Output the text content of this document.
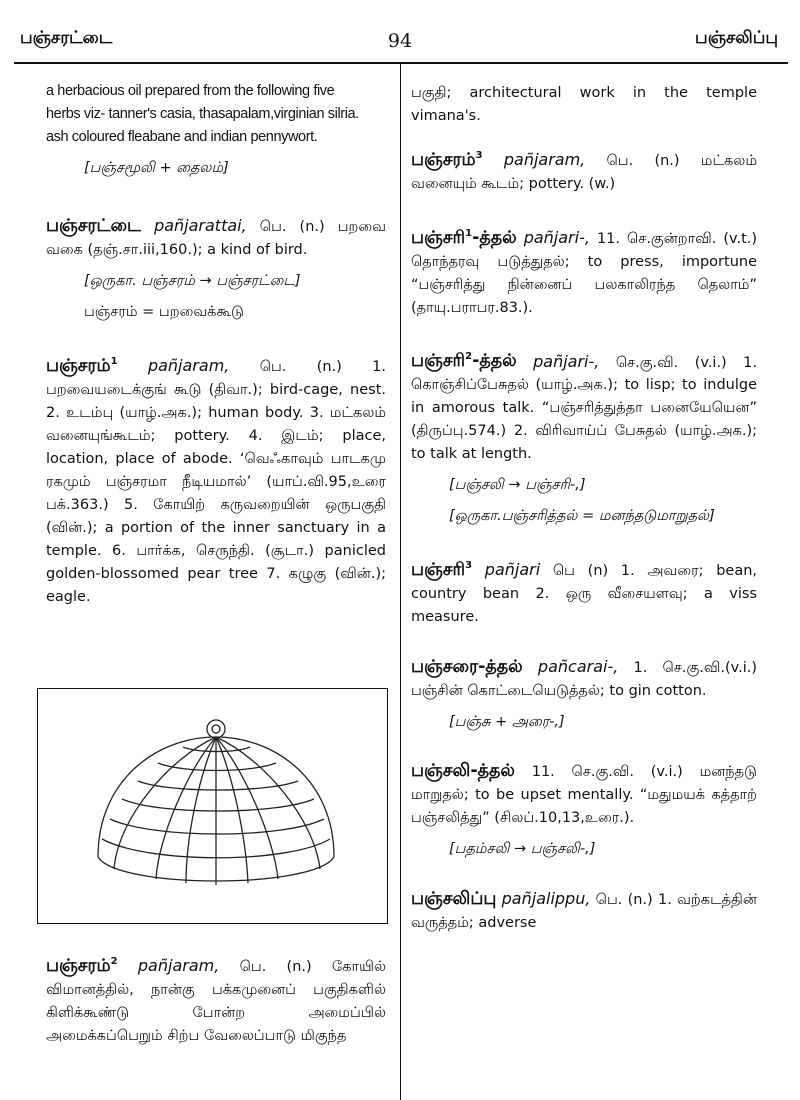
பஞ்சரட்டை	94	பஞ்சலிப்பு
a herbacious oil prepared from the following five
herbs viz- tanner's casia, thasapalam,virginian silria.
ash coloured fleabane and indian pennywort.
[பஞ்சமூலி + தைலம்]

பஞ்சரட்டை pañjarattai, பெ. (n.) பறவை வகை (தஞ்.சா.iii,160.); a kind of bird.

[ஒருகா. பஞ்சரம் → பஞ்சரட்டை]
பஞ்சரம் = பறவைக்கூடு

பஞ்சரம்$^1$ pañjaram, பெ. (n.) 1. பறவையடைக்குங் கூடு (திவா.); bird-cage, nest. 2. உடம்பு (யாழ்.அக.); human body. 3. மட்கலம் வனையுங்கூடம்; pottery. 4. இடம்; place, location, place of abode. ‘வெஃகாவும் பாடகமு ரகமும் பஞ்சரமா நீடியமால்’ (யாப்.வி.95,உரை பக்.363.) 5. கோயிற் கருவறையின் ஒருபகுதி (வின்.); a portion of the inner sanctuary in a temple. 6. பார்க்க, செருந்தி. (சூடா.) panicled golden-blossomed pear tree 7. கழுகு (வின்.); eagle.

bird-cage illustration

பஞ்சரம்$^2$ pañjaram, பெ. (n.) கோயில் விமானத்தில், நான்கு பக்கமுனைப் பகுதிகளில் கிளிக்கூண்டு போன்ற அமைப்பில் அமைக்கப்பெறும் சிற்ப வேலைப்பாடு மிகுந்த

பகுதி; architectural work in the temple vimana's.

பஞ்சரம்$^3$ pañjaram, பெ. (n.) மட்கலம் வனையும் கூடம்; pottery. (w.)

பஞ்சரி$^1$-த்தல் pañjari-, 11. செ.குன்றாவி. (v.t.) தொந்தரவு படுத்துதல்; to press, importune “பஞ்சரித்து நின்னைப் பலகாலிரந்த தெலாம்” (தாயு.பராபர.83.).

பஞ்சரி$^2$-த்தல் pañjari-, செ.கு.வி. (v.i.) 1. கொஞ்சிப்பேசுதல் (யாழ்.அக.); to lisp; to indulge in amorous talk. “பஞ்சரித்துத்தா பனையேயென” (திருப்பு.574.) 2. விரிவாய்ப் பேசுதல் (யாழ்.அக.); to talk at length.

[பஞ்சலி → பஞ்சரி-,]
[ஒருகா.பஞ்சரித்தல் = மனந்தடுமாறுதல்]

பஞ்சரி$^3$ pañjari பெ (n) 1. அவரை; bean, country bean 2. ஒரு வீசையளவு; a viss measure.

பஞ்சரை-த்தல் pañcarai-, 1. செ.கு.வி.(v.i.) பஞ்சின் கொட்டையெடுத்தல்; to gin cotton.

[பஞ்சு + அரை-,]

பஞ்சலி-த்தல் 11. செ.கு.வி. (v.i.) மனந்தடு மாறுதல்; to be upset mentally. “மதுமயக் கத்தாற் பஞ்சலித்து” (சிலப்.10,13,உரை.).

[பதம்சலி → பஞ்சலி-,]

பஞ்சலிப்பு pañjalippu, பெ. (n.) 1. வற்கடத்தின் வருத்தம்; adverse
